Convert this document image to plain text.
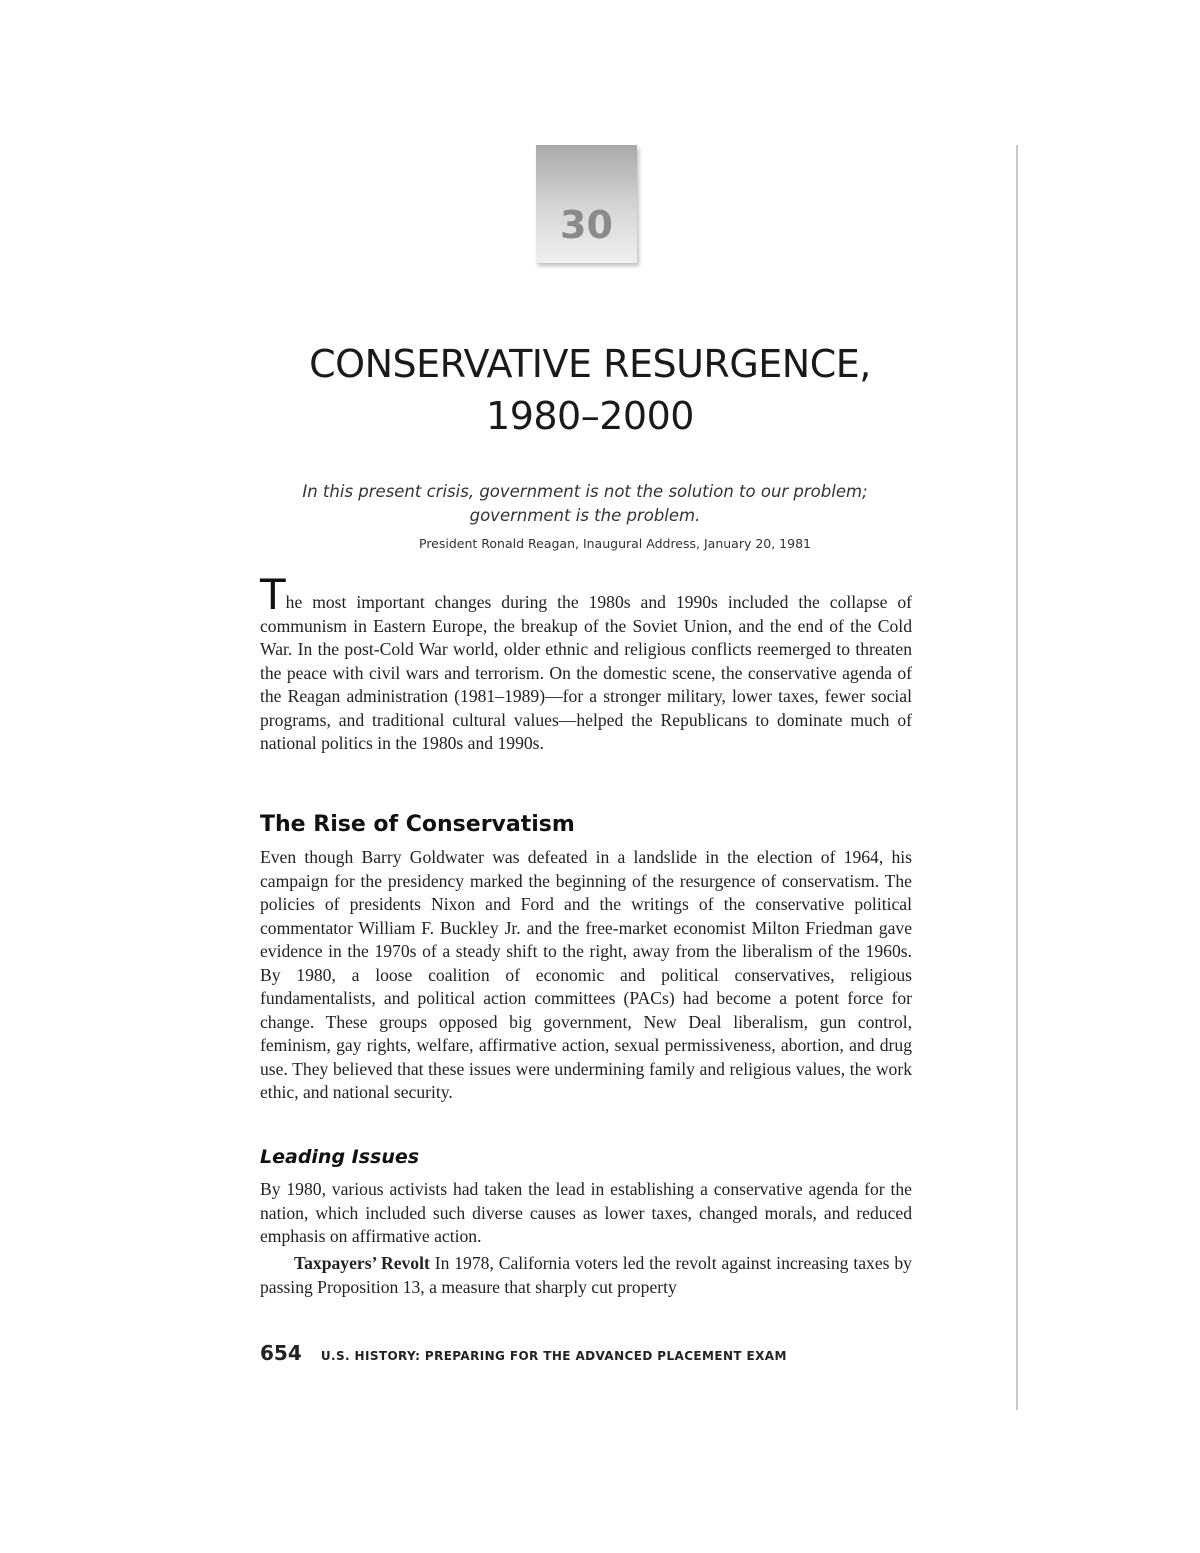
30
CONSERVATIVE RESURGENCE,
1980–2000

In this present crisis, government is not the solution to our problem;
government is the problem.

President Ronald Reagan, Inaugural Address, January 20, 1981

The most important changes during the 1980s and 1990s included the collapse of communism in Eastern Europe, the breakup of the Soviet Union, and the end of the Cold War. In the post-Cold War world, older ethnic and religious conflicts reemerged to threaten the peace with civil wars and terrorism. On the domestic scene, the conservative agenda of the Reagan administration (1981–1989)—for a stronger military, lower taxes, fewer social programs, and traditional cultural values—helped the Republicans to dominate much of national politics in the 1980s and 1990s.

The Rise of Conservatism

Even though Barry Goldwater was defeated in a landslide in the election of 1964, his campaign for the presidency marked the beginning of the resurgence of conservatism. The policies of presidents Nixon and Ford and the writings of the conservative political commentator William F. Buckley Jr. and the free-market economist Milton Friedman gave evidence in the 1970s of a steady shift to the right, away from the liberalism of the 1960s. By 1980, a loose coalition of economic and political conservatives, religious fundamentalists, and political action committees (PACs) had become a potent force for change. These groups opposed big government, New Deal liberalism, gun control, feminism, gay rights, welfare, affirmative action, sexual permissiveness, abortion, and drug use. They believed that these issues were undermining family and religious values, the work ethic, and national security.

Leading Issues

By 1980, various activists had taken the lead in establishing a conservative agenda for the nation, which included such diverse causes as lower taxes, changed morals, and reduced emphasis on affirmative action.

Taxpayers’ Revolt In 1978, California voters led the revolt against increasing taxes by passing Proposition 13, a measure that sharply cut property

654 U.S. HISTORY: PREPARING FOR THE ADVANCED PLACEMENT EXAM
